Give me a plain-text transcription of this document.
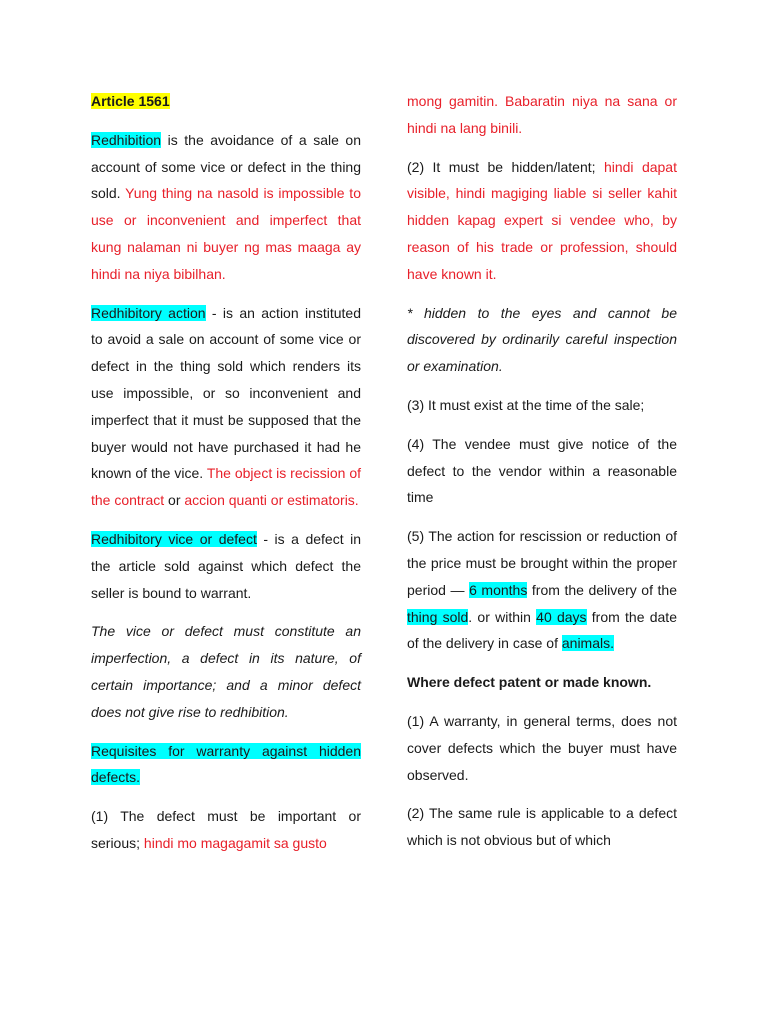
Article 1561

Redhibition is the avoidance of a sale on account of some vice or defect in the thing sold. Yung thing na nasold is impossible to use or inconvenient and imperfect that kung nalaman ni buyer ng mas maaga ay hindi na niya bibilhan.

Redhibitory action - is an action instituted to avoid a sale on account of some vice or defect in the thing sold which renders its use impossible, or so inconvenient and imperfect that it must be supposed that the buyer would not have purchased it had he known of the vice. The object is recission of the contract or accion quanti or estimatoris.

Redhibitory vice or defect - is a defect in the article sold against which defect the seller is bound to warrant.

The vice or defect must constitute an imperfection, a defect in its nature, of certain importance; and a minor defect does not give rise to redhibition.

Requisites for warranty against hidden defects.

(1) The defect must be important or serious; hindi mo magagamit sa gusto

mong gamitin. Babaratin niya na sana or hindi na lang binili.

(2) It must be hidden/latent; hindi dapat visible, hindi magiging liable si seller kahit hidden kapag expert si vendee who, by reason of his trade or profession, should have known it.

* hidden to the eyes and cannot be discovered by ordinarily careful inspection or examination.

(3) It must exist at the time of the sale;

(4) The vendee must give notice of the defect to the vendor within a reasonable time

(5) The action for rescission or reduction of the price must be brought within the proper period — 6 months from the delivery of the thing sold. or within 40 days from the date of the delivery in case of animals.

Where defect patent or made known.

(1) A warranty, in general terms, does not cover defects which the buyer must have observed.

(2) The same rule is applicable to a defect which is not obvious but of which
